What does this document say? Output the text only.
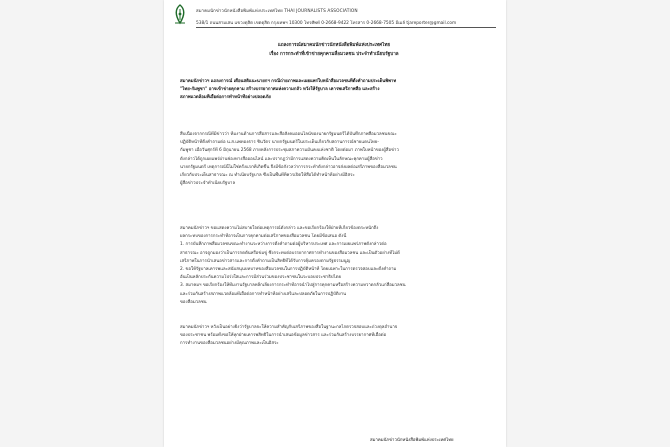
สมาคมนักข่าวนักหนังสือพิมพ์แห่งประเทศไทย THAI JOURNALISTS ASSOCIATION
538/1 ถนนสามเสน แขวงดุสิต เขตดุสิต กรุงเทพฯ 10300 โทรศัพท์ 0-2668-9422 โทรสาร 0-2668-7505 อีเมล์ tjareporter@gmail.com
แถลงการณ์สมาคมนักข่าวนักหนังสือพิมพ์แห่งประเทศไทย
เรื่อง การกระทำที่เข้าข่ายคุกคามสื่อมวลชน ประจำทำเนียบรัฐบาล

สมาคมนักข่าวฯ แถลงการณ์ เตือนสติแนะนายกฯ กรณีถ่ายภาพและเผยแพร่ใบหน้าสื่อมวลชนที่ตั้งคำถามประเด็นพิพาท

"ไทย-กัมพูชา" อาจเข้าข่ายคุกคาม สร้างบรรยากาศแห่งความกลัว หวังให้รัฐบาล เคารพเสรีภาพสื่อ และสร้าง

สภาพแวดล้อมที่เอื้อต่อการทำหน้าที่อย่างปลอดภัย

สืบเนื่องจากกรณีที่มีข่าวว่า ทีมงานด้านการสื่อสารและสื่อสังคมออนไลน์ของนายกรัฐมนตรีได้บันทึกภาพสื่อมวลชนขณะ

ปฏิบัติหน้าที่ตั้งคำถามต่อ น.ส.แพทองธาร ชินวัตร นายกรัฐมนตรีในประเด็นเกี่ยวกับสถานการณ์ชายแดนไทย-

กัมพูชา เมื่อวันศุกร์ที่ 6 มิถุนายน 2568 ภายหลังการประชุมสภาความมั่นคงแห่งชาติ โดยต่อมา ภาพใบหน้าของผู้สื่อข่าว

ดังกล่าวได้ถูกเผยแพร่ผ่านช่องทางสื่อออนไลน์ และปรากฏว่ามีการแสดงความคิดเห็นในลักษณะคุกคามผู้สื่อข่าว

นายกรัฐมนตรี เหตุการณ์นี้ไม่ใช่ครั้งแรกที่เกิดขึ้น จึงมีข้อกังวลว่าการกระทำดังกล่าวอาจส่งผลต่อเสรีภาพของสื่อมวลชน

เกี่ยวกับประเด็นสาธารณะ ณ ทำเนียบรัฐบาล ซึ่งเป็นพื้นที่ที่ควรเปิดให้สื่อได้ทำหน้าที่อย่างมีอิสระ

ผู้สื่อข่าวประจำทำเนียบรัฐบาล

สมาคมนักข่าวฯ ขอแสดงความไม่สบายใจต่อเหตุการณ์ดังกล่าว และขอเรียกร้องให้ฝ่ายที่เกี่ยวข้องตระหนักถึง

ผลกระทบของการกระทำที่อาจเป็นการคุกคามต่อเสรีภาพของสื่อมวลชน โดยมีข้อเสนอ ดังนี้

1. การบันทึกภาพสื่อมวลชนขณะทำงานระหว่างการตั้งคำถามต่อผู้บริหารประเทศ และการเผยแพร่ภาพดังกล่าวต่อ

สาธารณะ อาจถูกมองว่าเป็นการกดดันหรือข่มขู่ ซึ่งกระทบต่อบรรยากาศการทำงานของสื่อมวลชน และเป็นตัวอย่างที่ไม่ดี

เสรีภาพในการนำเสนอข่าวสารและการตั้งคำถามเป็นสิทธิที่ได้รับการคุ้มครองตามรัฐธรรมนูญ

2. ขอให้รัฐบาลเคารพและสนับสนุนบทบาทของสื่อมวลชนในการปฏิบัติหน้าที่ โดยเฉพาะในการตรวจสอบและตั้งคำถาม

อันเป็นหลักประกันความโปร่งใสและการมีส่วนร่วมของประชาชนในระบอบประชาธิปไตย

3. สมาคมฯ ขอเรียกร้องให้ทีมงานรัฐบาลหลีกเลี่ยงการกระทำที่อาจนำไปสู่การคุกคามหรือสร้างความหวาดกลัวแก่สื่อมวลชน

และร่วมกันสร้างสภาพแวดล้อมที่เอื้อต่อการทำหน้าที่อย่างเสรีและปลอดภัยในการปฏิบัติงาน

ของสื่อมวลชน

สมาคมนักข่าวฯ หวังเป็นอย่างยิ่งว่ารัฐบาลจะให้ความสำคัญกับเสรีภาพของสื่อในฐานะกลไกตรวจสอบและถ่วงดุลอำนาจ

ของประชาชน พร้อมทั้งขอให้ทุกฝ่ายเคารพสิทธิในการนำเสนอข้อมูลข่าวสาร และร่วมกันสร้างบรรยากาศที่เอื้อต่อ

การทำงานของสื่อมวลชนอย่างมีคุณภาพและเป็นอิสระ

สมาคมนักข่าวนักหนังสือพิมพ์แห่งประเทศไทย
